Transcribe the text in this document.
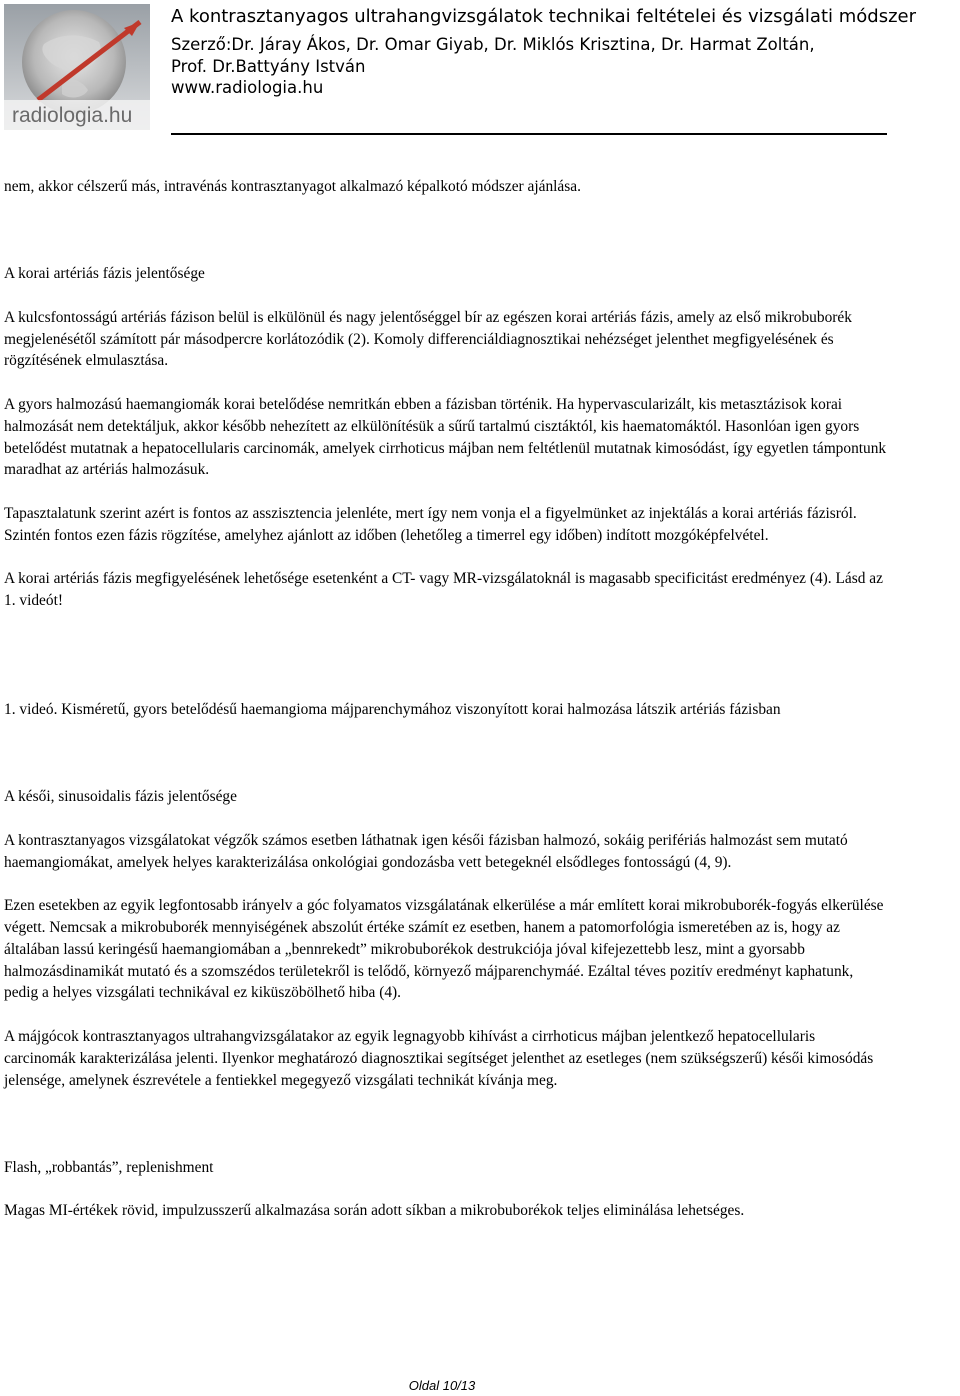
radiologia.hu
A kontrasztanyagos ultrahangvizsgálatok technikai feltételei és vizsgálati módszer
Szerző:Dr. Járay Ákos, Dr. Omar Giyab, Dr. Miklós Krisztina, Dr. Harmat Zoltán,
Prof. Dr.Battyány István
www.radiologia.hu

nem, akkor célszerű más, intravénás kontrasztanyagot alkalmazó képalkotó módszer ajánlása.

A korai artériás fázis jelentősége

A kulcsfontosságú artériás fázison belül is elkülönül és nagy jelentőséggel bír az egészen korai artériás fázis, amely az első mikrobuborék megjelenésétől számított pár másodpercre korlátozódik (2). Komoly differenciáldiagnosztikai nehézséget jelenthet megfigyelésének és rögzítésének elmulasztása.

A gyors halmozású haemangiomák korai betelődése nemritkán ebben a fázisban történik. Ha hypervascularizált, kis metasztázisok korai halmozását nem detektáljuk, akkor később nehezített az elkülönítésük a sűrű tartalmú cisztáktól, kis haematomáktól. Hasonlóan igen gyors betelődést mutatnak a hepatocellularis carcinomák, amelyek cirrhoticus májban nem feltétlenül mutatnak kimosódást, így egyetlen támpontunk maradhat az artériás halmozásuk.

Tapasztalatunk szerint azért is fontos az asszisztencia jelenléte, mert így nem vonja el a figyelmünket az injektálás a korai artériás fázisról. Szintén fontos ezen fázis rögzítése, amelyhez ajánlott az időben (lehetőleg a timerrel egy időben) indított mozgóképfelvétel.

A korai artériás fázis megfigyelésének lehetősége esetenként a CT- vagy MR-vizsgálatoknál is magasabb specificitást eredményez (4). Lásd az 1. videót!

1. videó. Kisméretű, gyors betelődésű haemangioma májparenchymához viszonyított korai halmozása látszik artériás fázisban

A késői, sinusoidalis fázis jelentősége

A kontrasztanyagos vizsgálatokat végzők számos esetben láthatnak igen késői fázisban halmozó, sokáig perifériás halmozást sem mutató haemangiomákat, amelyek helyes karakterizálása onkológiai gondozásba vett betegeknél elsődleges fontosságú (4, 9).

Ezen esetekben az egyik legfontosabb irányelv a góc folyamatos vizsgálatának elkerülése a már említett korai mikrobuborék-fogyás elkerülése végett. Nemcsak a mikrobuborék mennyiségének abszolút értéke számít ez esetben, hanem a patomorfológia ismeretében az is, hogy az általában lassú keringésű haemangiomában a „bennrekedt” mikrobuborékok destrukciója jóval kifejezettebb lesz, mint a gyorsabb halmozásdinamikát mutató és a szomszédos területekről is telődő, környező májparenchymáé. Ezáltal téves pozitív eredményt kaphatunk, pedig a helyes vizsgálati technikával ez kiküszöbölhető hiba (4).

A májgócok kontrasztanyagos ultrahangvizsgálatakor az egyik legnagyobb kihívást a cirrhoticus májban jelentkező hepatocellularis carcinomák karakterizálása jelenti. Ilyenkor meghatározó diagnosztikai segítséget jelenthet az esetleges (nem szükségszerű) késői kimosódás jelensége, amelynek észrevétele a fentiekkel megegyező vizsgálati technikát kívánja meg.

Flash, „robbantás”, replenishment

Magas MI-értékek rövid, impulzusszerű alkalmazása során adott síkban a mikrobuborékok teljes eliminálása lehetséges.

Oldal 10/13
